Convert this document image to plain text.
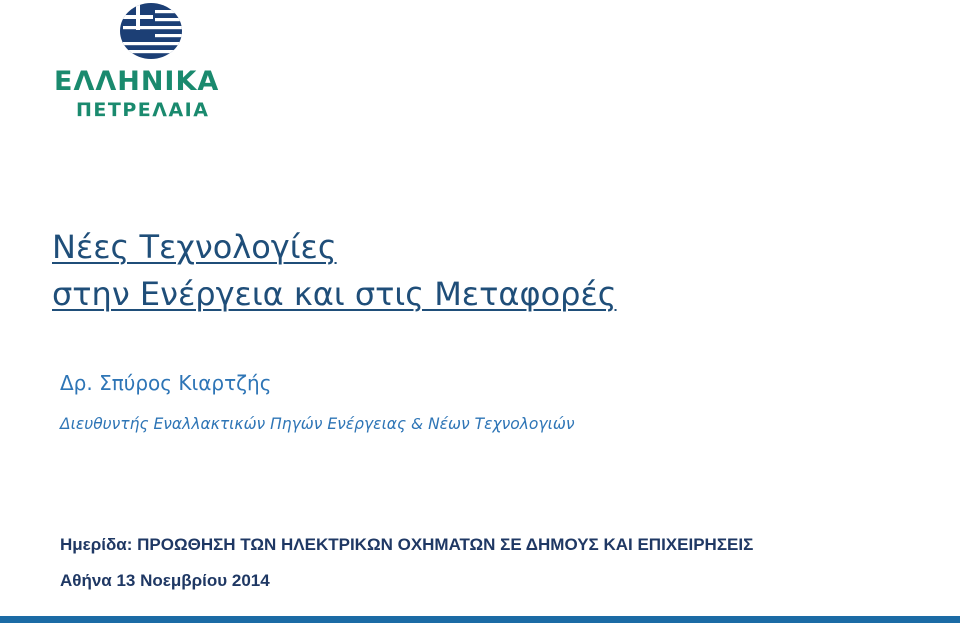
ΕΛΛΗΝΙΚΑ
ΠΕΤΡΕΛΑΙΑ
Νέες Τεχνολογίες
στην Ενέργεια και στις Μεταφορές
Δρ. Σπύρος Κιαρτζής
Διευθυντής Εναλλακτικών Πηγών Ενέργειας & Νέων Τεχνολογιών
Ημερίδα: ΠΡΟΩΘΗΣΗ ΤΩΝ ΗΛΕΚΤΡΙΚΩΝ ΟΧΗΜΑΤΩΝ ΣΕ ΔΗΜΟΥΣ ΚΑΙ ΕΠΙΧΕΙΡΗΣΕΙΣ
Αθήνα 13 Νοεμβρίου 2014
